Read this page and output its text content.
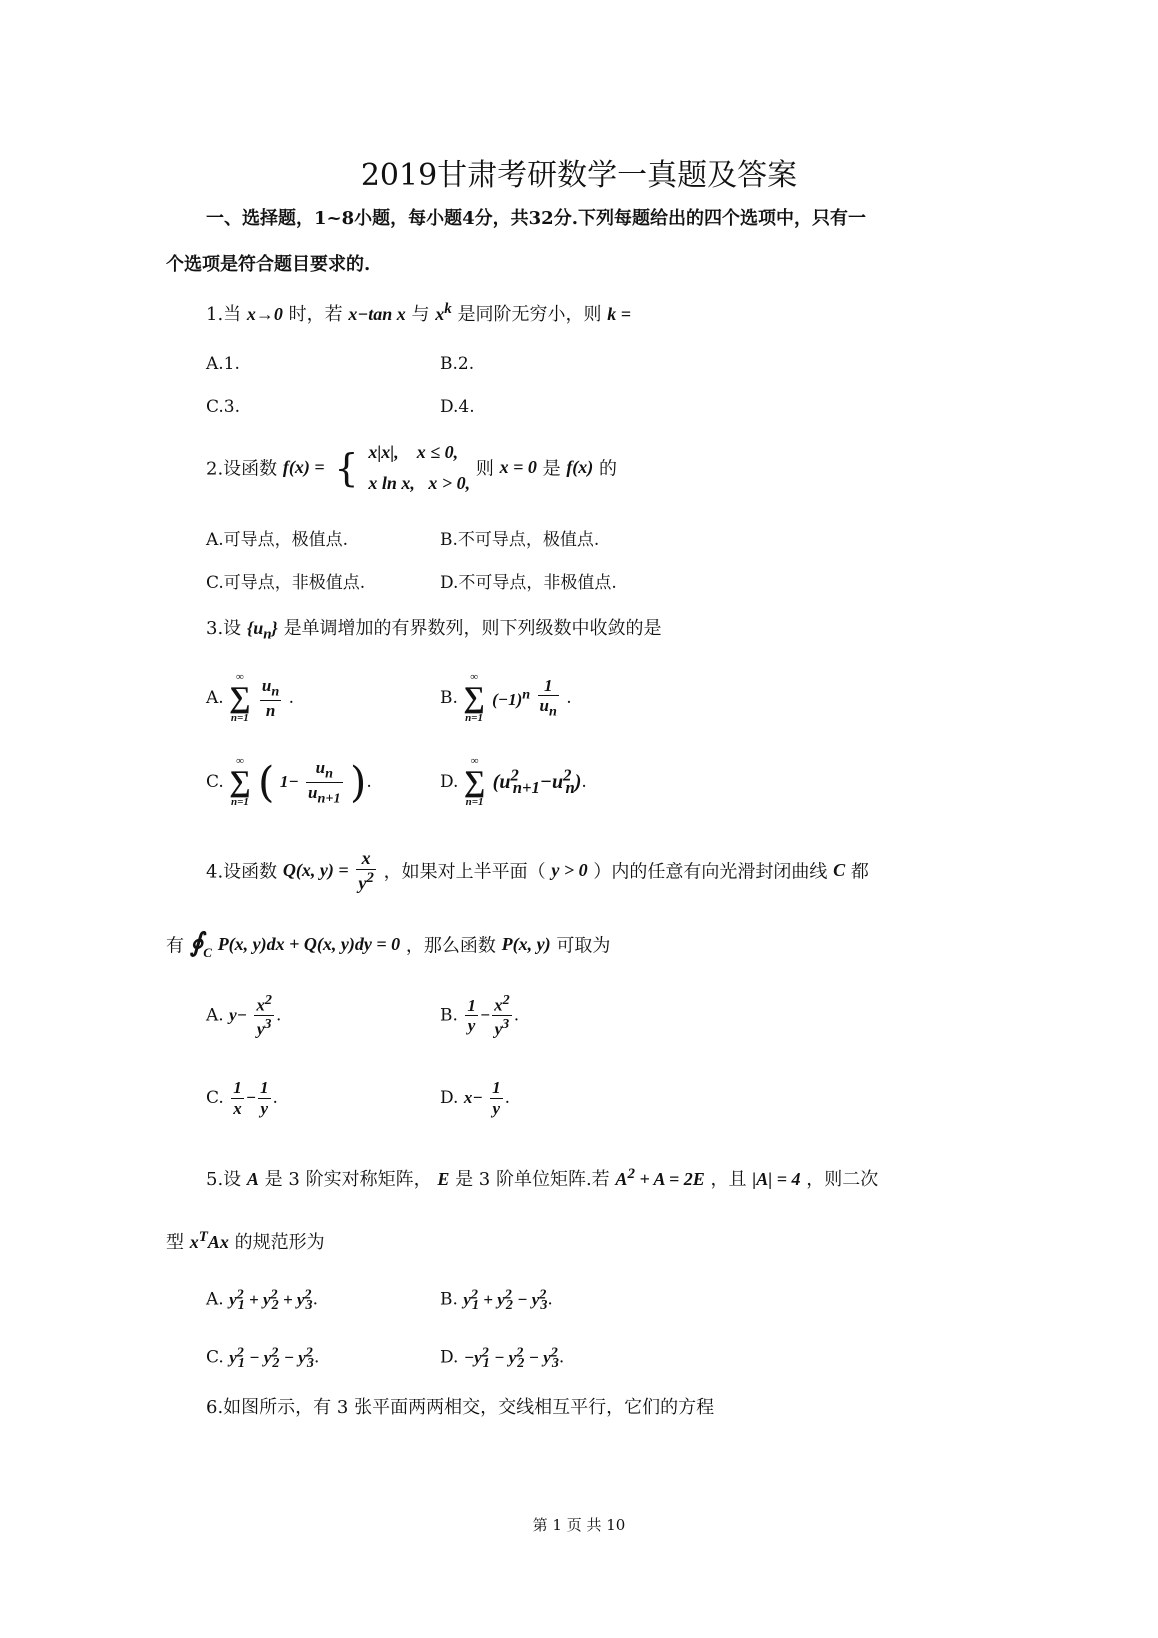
2019甘肃考研数学一真题及答案
一、选择题，1~8小题，每小题4分，共32分.下列每题给出的四个选项中，只有一
个选项是符合题目要求的.
1.当 x→0 时，若 x−tan x 与 $x^k$ 是同阶无穷小，则 k =
A.1.	B.2.
C.3.	D.4.
2.设函数 f(x) = { x|x|, x ≤ 0,
x ln x, x > 0, 则 x = 0 是 f(x) 的
A.可导点，极值点.	B.不可导点，极值点.
C.可导点，非极值点.	D.不可导点，非极值点.
3.设 $\{u_n\}$ 是单调增加的有界数列，则下列级数中收敛的是
A. ∞
∑
$n=1 \frac{u_n}{n}$ .	B. ∞
∑
n=1 $(-1)^n \frac{1}{u_n}$ .
C. ∞
∑
n=1 ( $1- \frac{u_n}{u_{n+1}}$ ).	D. ∞
∑
n=1 $(u^2_{n+1}-u^2_n)$.
4.设函数 Q(x, $y) = \frac{x}{y^2}$ ，如果对上半平面（ y > 0 ）内的任意有向光滑封闭曲线 C 都
有 $∮_C$ P(x, y)dx + Q(x, y)dy = 0 ，那么函数 P(x, y) 可取为
A. $y- \frac{x^2}{y^3}$ .	B. $\frac{1}{y} - \frac{x^2}{y^3}$ .
C. $\frac{1}{x} - \frac{1}{y}$ .	D. $x- \frac{1}{y}$ .
5.设 A 是 3 阶实对称矩阵， E 是 3 阶单位矩阵.若 $A^2 + A = 2E$ ，且 |A| = 4 ，则二次
型 $x^TAx$ 的规范形为
A. $y^2_1 + y^2_2 + y^2_3$.	B. $y^2_1 + y^2_2 - y^2_3$.
C. $y^2_1 - y^2_2 - y^2_3$.	D. $-y^2_1 - y^2_2 - y^2_3$.
6.如图所示，有 3 张平面两两相交，交线相互平行，它们的方程
第 1 页 共 10
